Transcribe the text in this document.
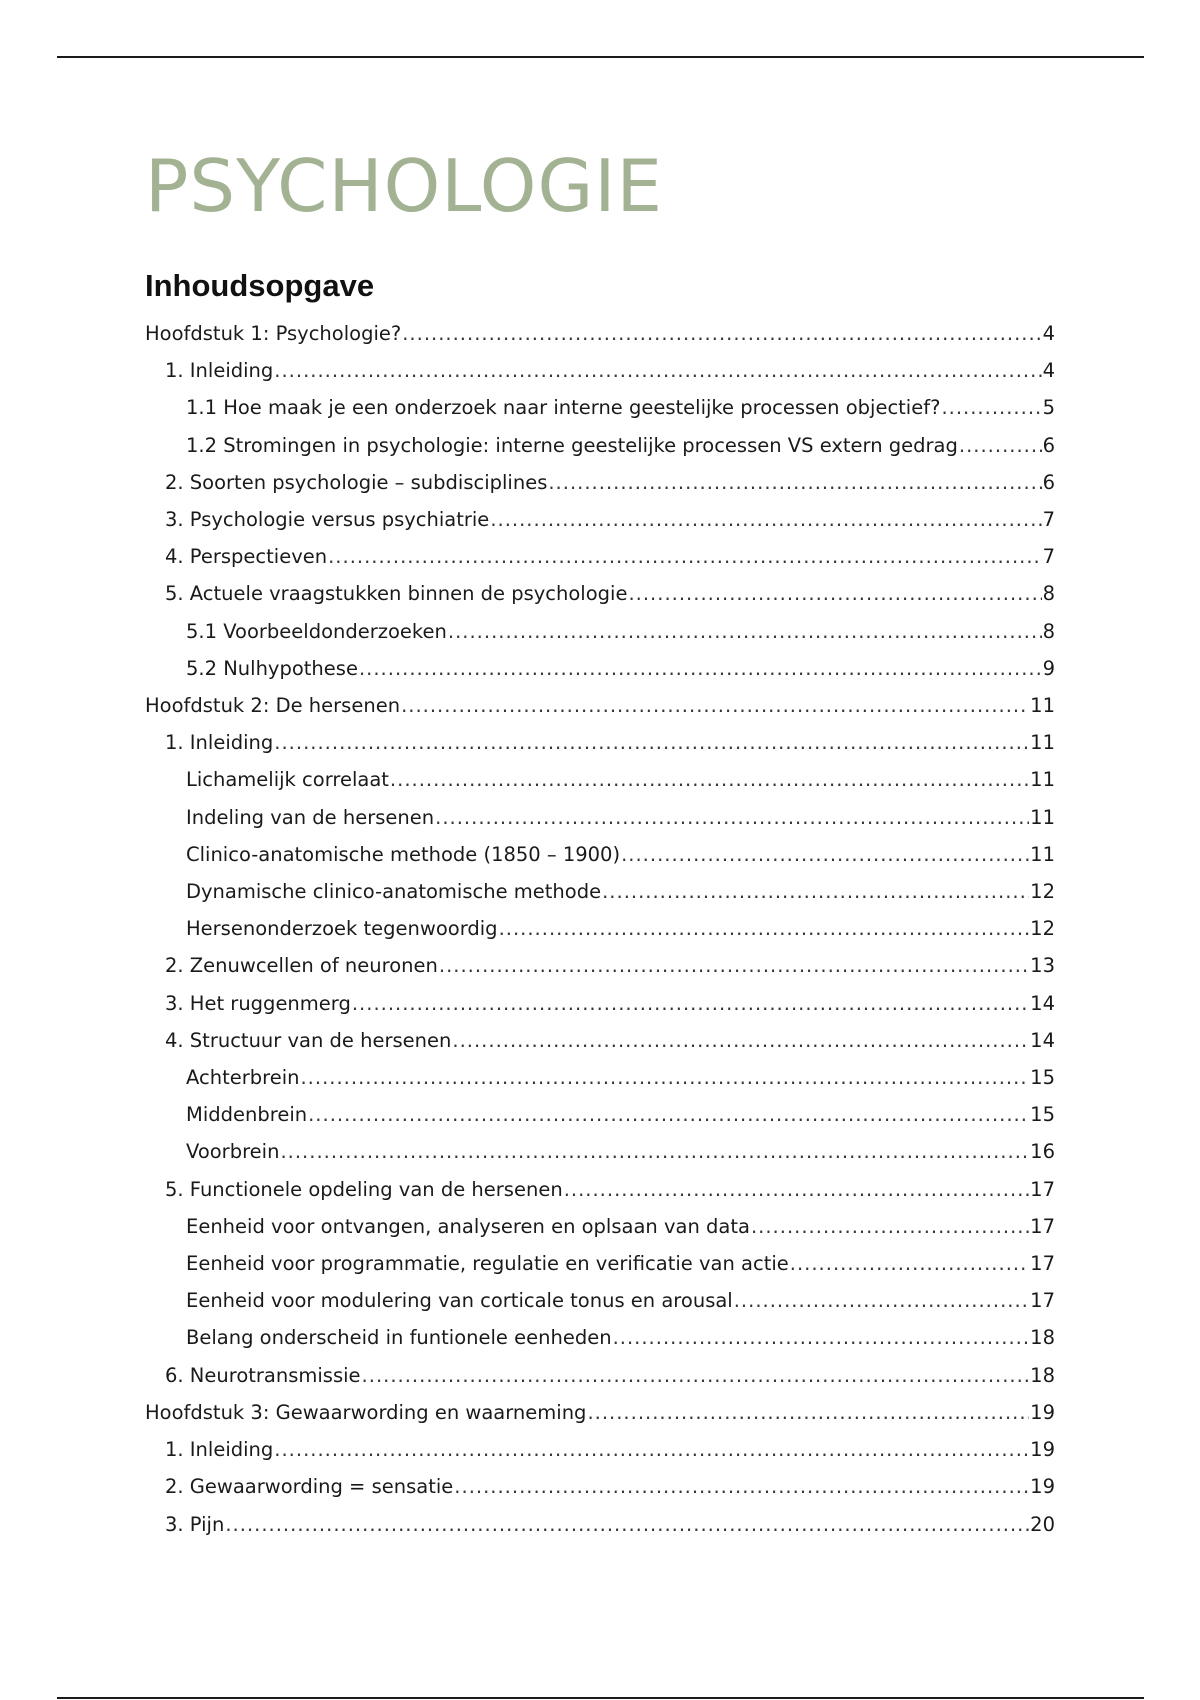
PSYCHOLOGIE
Inhoudsopgave
Hoofdstuk 1: Psychologie? .....	4
1. Inleiding .....	4
1.1 Hoe maak je een onderzoek naar interne geestelijke processen objectief? .....	5
1.2 Stromingen in psychologie: interne geestelijke processen VS extern gedrag .....	6
2. Soorten psychologie – subdisciplines .....	6
3. Psychologie versus psychiatrie .....	7
4. Perspectieven .....	7
5. Actuele vraagstukken binnen de psychologie .....	8
5.1 Voorbeeldonderzoeken .....	8
5.2 Nulhypothese .....	9
Hoofdstuk 2: De hersenen .....	11
1. Inleiding .....	11
Lichamelijk correlaat .....	11
Indeling van de hersenen .....	11
Clinico-anatomische methode (1850 – 1900) .....	11
Dynamische clinico-anatomische methode .....	12
Hersenonderzoek tegenwoordig .....	12
2. Zenuwcellen of neuronen .....	13
3. Het ruggenmerg .....	14
4. Structuur van de hersenen .....	14
Achterbrein .....	15
Middenbrein .....	15
Voorbrein .....	16
5. Functionele opdeling van de hersenen .....	17
Eenheid voor ontvangen, analyseren en oplsaan van data .....	17
Eenheid voor programmatie, regulatie en verificatie van actie .....	17
Eenheid voor modulering van corticale tonus en arousal .....	17
Belang onderscheid in funtionele eenheden .....	18
6. Neurotransmissie .....	18
Hoofdstuk 3: Gewaarwording en waarneming .....	19
1. Inleiding .....	19
2. Gewaarwording = sensatie .....	19
3. Pijn .....	20
